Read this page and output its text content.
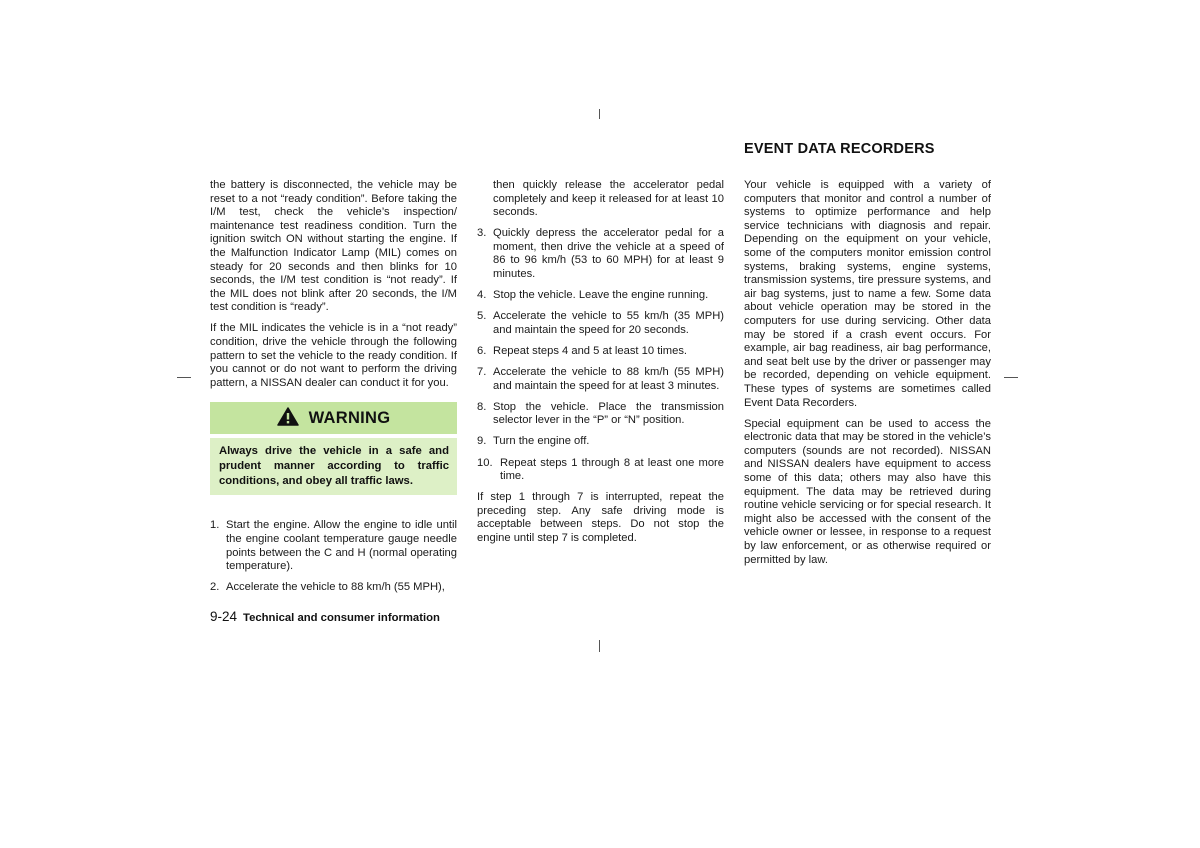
EVENT DATA RECORDERS

the battery is disconnected, the vehicle may be reset to a not “ready condition”. Before taking the I/M test, check the vehicle’s inspection/ maintenance test readiness condition. Turn the ignition switch ON without starting the engine. If the Malfunction Indicator Lamp (MIL) comes on steady for 20 seconds and then blinks for 10 seconds, the I/M test condition is “not ready”. If the MIL does not blink after 20 seconds, the I/M test condition is “ready”.

If the MIL indicates the vehicle is in a “not ready” condition, drive the vehicle through the following pattern to set the vehicle to the ready condition. If you cannot or do not want to perform the driving pattern, a NISSAN dealer can conduct it for you.

WARNING
Always drive the vehicle in a safe and prudent manner according to traffic conditions, and obey all traffic laws.
1. Start the engine. Allow the engine to idle until the engine coolant temperature gauge needle points between the C and H (normal operating temperature).
2. Accelerate the vehicle to 88 km/h (55 MPH),
then quickly release the accelerator pedal completely and keep it released for at least 10 seconds.
3. Quickly depress the accelerator pedal for a moment, then drive the vehicle at a speed of 86 to 96 km/h (53 to 60 MPH) for at least 9 minutes.
4. Stop the vehicle. Leave the engine running.
5. Accelerate the vehicle to 55 km/h (35 MPH) and maintain the speed for 20 seconds.
6. Repeat steps 4 and 5 at least 10 times.
7. Accelerate the vehicle to 88 km/h (55 MPH) and maintain the speed for at least 3 minutes.
8. Stop the vehicle. Place the transmission selector lever in the “P” or “N” position.
9. Turn the engine off.
10. Repeat steps 1 through 8 at least one more time.

If step 1 through 7 is interrupted, repeat the preceding step. Any safe driving mode is acceptable between steps. Do not stop the engine until step 7 is completed.

Your vehicle is equipped with a variety of computers that monitor and control a number of systems to optimize performance and help service technicians with diagnosis and repair. Depending on the equipment on your vehicle, some of the computers monitor emission control systems, braking systems, engine systems, transmission systems, tire pressure systems, and air bag systems, just to name a few. Some data about vehicle operation may be stored in the computers for use during servicing. Other data may be stored if a crash event occurs. For example, air bag readiness, air bag performance, and seat belt use by the driver or passenger may be recorded, depending on vehicle equipment. These types of systems are sometimes called Event Data Recorders.

Special equipment can be used to access the electronic data that may be stored in the vehicle’s computers (sounds are not recorded). NISSAN and NISSAN dealers have equipment to access some of this data; others may also have this equipment. The data may be retrieved during routine vehicle servicing or for special research. It might also be accessed with the consent of the vehicle owner or lessee, in response to a request by law enforcement, or as otherwise required or permitted by law.

9-24 Technical and consumer information
